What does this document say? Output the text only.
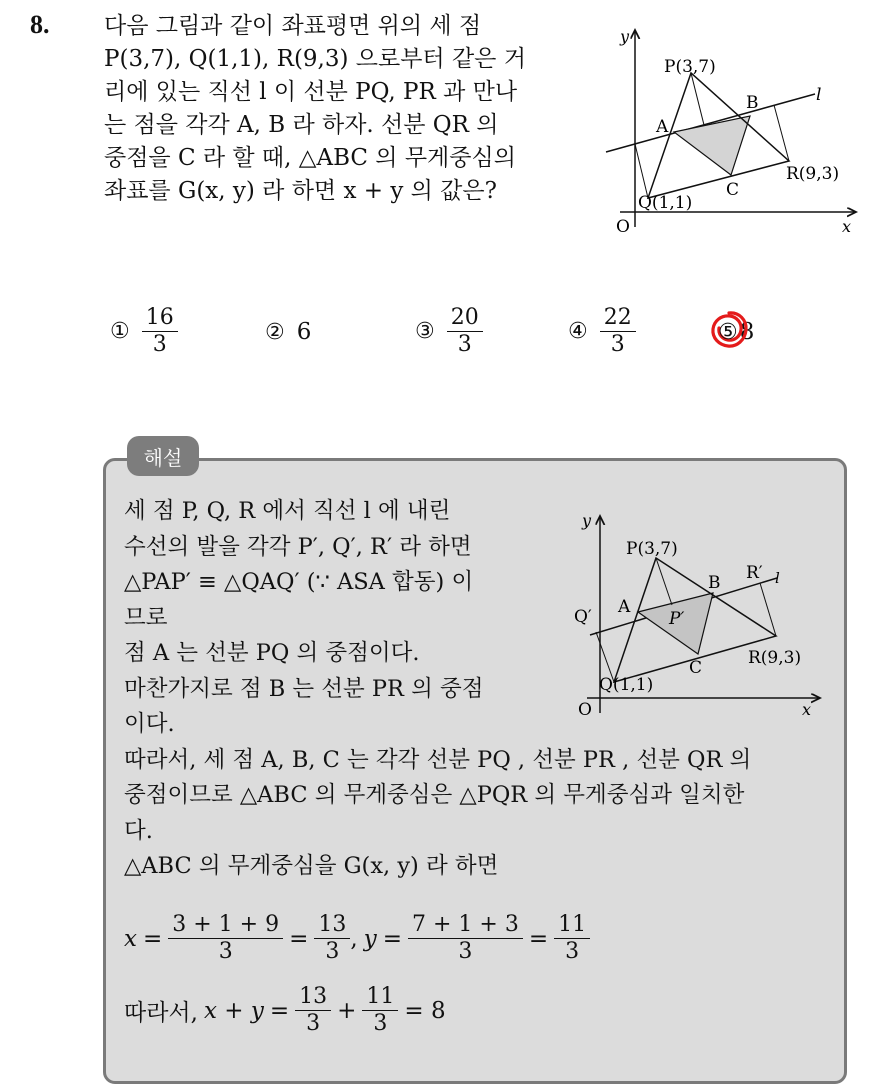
8. 다음 그림과 같이 좌표평면 위의 세 점
P(3,7), Q(1,1), R(9,3) 으로부터 같은 거
리에 있는 직선 l 이 선분 PQ, PR 과 만나
는 점을 각각 A, B 라 하자. 선분 QR 의
중점을 C 라 할 때, △ABC 의 무게중심의
좌표를 G(x, y) 라 하면 x + y 의 값은?
y
x
O
l
P(3,7)
Q(1,1)
R(9,3)
A
B
C
① $\frac{16}{3}$	② 6	③ $\frac{20}{3}$	④ $\frac{22}{3}$	⑤ 8
해설
세 점 P, Q, R 에서 직선 l 에 내린
수선의 발을 각각 P′, Q′, R′ 라 하면
△PAP′ ≡ △QAQ′ (∵ ASA 합동) 이
므로
점 A 는 선분 PQ 의 중점이다.
마찬가지로 점 B 는 선분 PR 의 중점
이다.
따라서, 세 점 A, B, C 는 각각 선분 PQ , 선분 PR , 선분 QR 의
중점이므로 △ABC 의 무게중심은 △PQR 의 무게중심과 일치한
다.
△ABC 의 무게중심을 G(x, y) 라 하면
y
x
O
l
P(3,7)
Q(1,1)
R(9,3)
A
B
C
P′
Q′
R′
$x = \frac{3 + 1 + 9}{3} = \frac{13}{3}$ , $y = \frac{7 + 1 + 3}{3} = \frac{11}{3}$
따라서, $x + y = \frac{13}{3} + \frac{11}{3} = 8$
